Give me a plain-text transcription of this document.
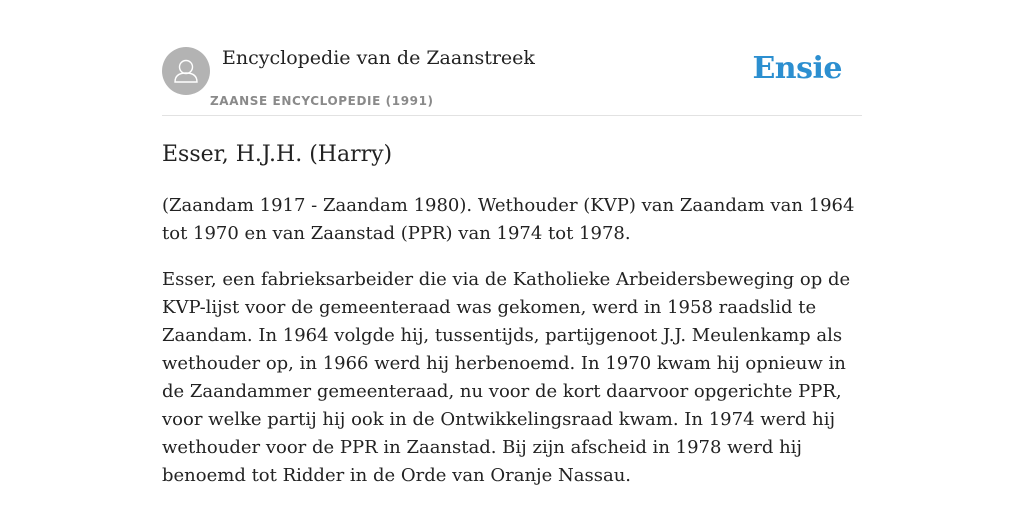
Encyclopedie van de Zaanstreek
ZAANSE ENCYCLOPEDIE (1991)
Ensie
Esser, H.J.H. (Harry)

(Zaandam 1917 - Zaandam 1980). Wethouder (KVP) van Zaandam van 1964 tot 1970 en van Zaanstad (PPR) van 1974 tot 1978.

Esser, een fabrieksarbeider die via de Katholieke Arbeidersbeweging op de KVP-lijst voor de gemeenteraad was gekomen, werd in 1958 raadslid te Zaandam. In 1964 volgde hij, tussentijds, partijgenoot J.J. Meulenkamp als wethouder op, in 1966 werd hij herbenoemd. In 1970 kwam hij opnieuw in de Zaandammer gemeenteraad, nu voor de kort daarvoor opgerichte PPR, voor welke partij hij ook in de Ontwikkelingsraad kwam. In 1974 werd hij wethouder voor de PPR in Zaanstad. Bij zijn afscheid in 1978 werd hij benoemd tot Ridder in de Orde van Oranje Nassau.
